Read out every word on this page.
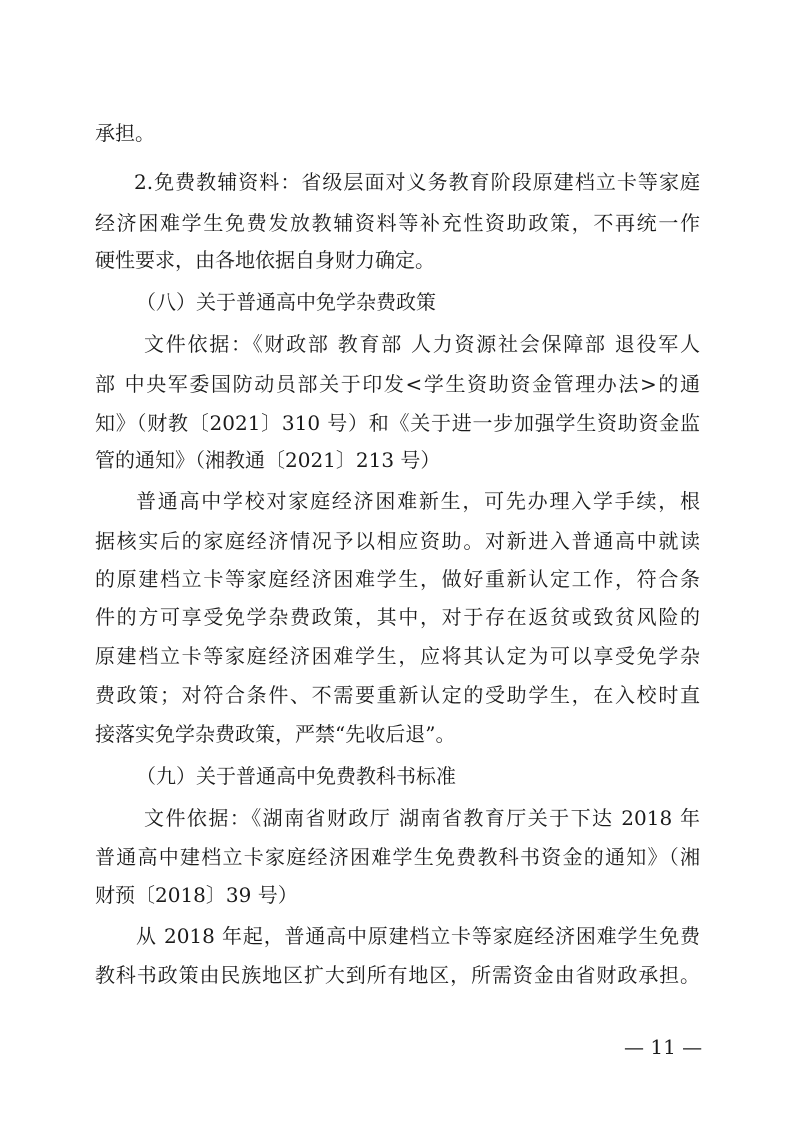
承担。
2.免费教辅资料：省级层面对义务教育阶段原建档立卡等家庭
经济困难学生免费发放教辅资料等补充性资助政策，不再统一作
硬性要求，由各地依据自身财力确定。
（八）关于普通高中免学杂费政策
文件依据：《财政部 教育部 人力资源社会保障部 退役军人
部 中央军委国防动员部关于印发<学生资助资金管理办法>的通
知》（财教〔2021〕310 号）和《关于进一步加强学生资助资金监
管的通知》（湘教通〔2021〕213 号）
普通高中学校对家庭经济困难新生，可先办理入学手续，根
据核实后的家庭经济情况予以相应资助。对新进入普通高中就读
的原建档立卡等家庭经济困难学生，做好重新认定工作，符合条
件的方可享受免学杂费政策，其中，对于存在返贫或致贫风险的
原建档立卡等家庭经济困难学生，应将其认定为可以享受免学杂
费政策；对符合条件、不需要重新认定的受助学生，在入校时直
接落实免学杂费政策，严禁“先收后退”。
（九）关于普通高中免费教科书标准
文件依据：《湖南省财政厅 湖南省教育厅关于下达 2018 年
普通高中建档立卡家庭经济困难学生免费教科书资金的通知》（湘
财预〔2018〕39 号）
从 2018 年起，普通高中原建档立卡等家庭经济困难学生免费
教科书政策由民族地区扩大到所有地区，所需资金由省财政承担。
— 11 —
